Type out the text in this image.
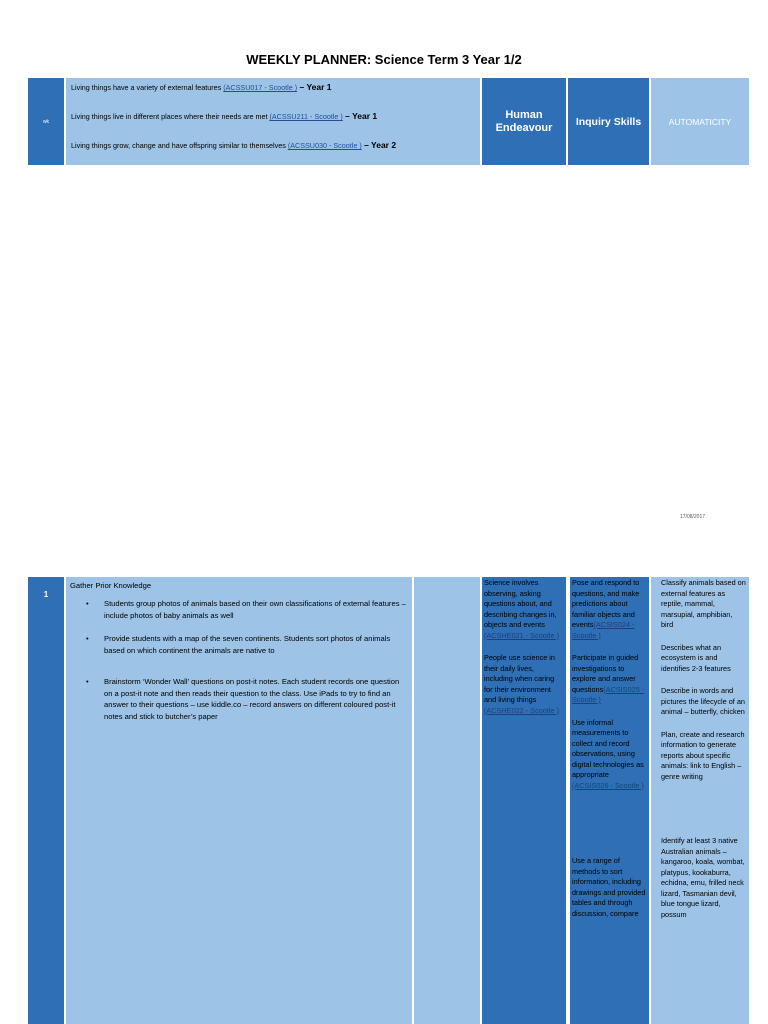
WEEKLY PLANNER: Science Term 3 Year 1/2
wk
Living things have a variety of external features (ACSSU017 - Scootle ) – Year 1
Living things live in different places where their needs are met (ACSSU211 - Scootle ) – Year 1
Living things grow, change and have offspring similar to themselves (ACSSU030 - Scootle ) – Year 2
Human Endeavour	Inquiry Skills	AUTOMATICITY
17/08/2017
1
Gather Prior Knowledge
• Students group photos of animals based on their own classifications of external features – include photos of baby animals as well
• Provide students with a map of the seven continents. Students sort photos of animals based on which continent the animals are native to
• Brainstorm ‘Wonder Wall’ questions on post-it notes. Each student records one question on a post-it note and then reads their question to the class. Use iPads to try to find an answer to their questions – use kiddle.co – record answers on different coloured post-it notes and stick to butcher’s paper

Science involves observing, asking questions about, and describing changes in, objects and events (ACSHE021 - Scootle )

People use science in their daily lives, including when caring for their environment and living things (ACSHE022 - Scootle )

Pose and respond to questions, and make predictions about familiar objects and events(ACSIS024 - Scootle )

Participate in guided investigations to explore and answer questions(ACSIS025 - Scootle )

Use informal measurements to collect and record observations, using digital technologies as appropriate (ACSIS026 - Scootle )

Use a range of methods to sort information, including drawings and provided tables and through discussion, compare

Classify animals based on external features as reptile, mammal, marsupial, amphibian, bird

Describes what an ecosystem is and identifies 2-3 features

Describe in words and pictures the lifecycle of an animal – butterfly, chicken

Plan, create and research information to generate reports about specific animals: link to English – genre writing

Identify at least 3 native Australian animals – kangaroo, koala, wombat, platypus, kookaburra, echidna, emu, frilled neck lizard, Tasmanian devil, blue tongue lizard, possum
